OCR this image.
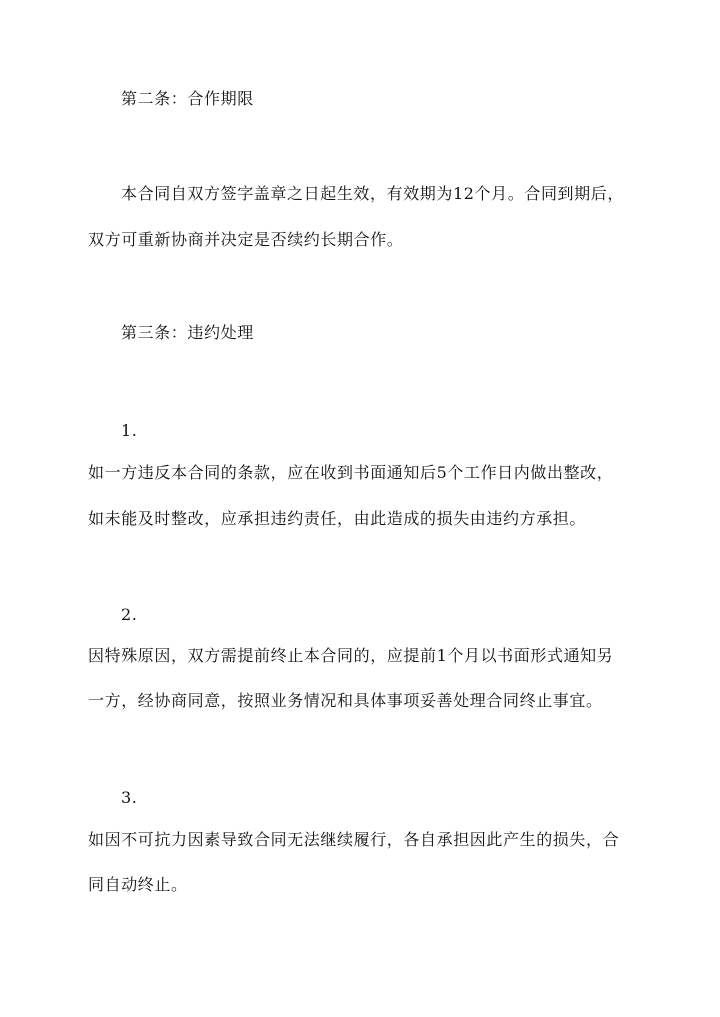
第二条：合作期限
本合同自双方签字盖章之日起生效，有效期为12个月。合同到期后，
双方可重新协商并决定是否续约长期合作。
第三条：违约处理
1.
如一方违反本合同的条款，应在收到书面通知后5个工作日内做出整改，
如未能及时整改，应承担违约责任，由此造成的损失由违约方承担。
2.
因特殊原因，双方需提前终止本合同的，应提前1个月以书面形式通知另
一方，经协商同意，按照业务情况和具体事项妥善处理合同终止事宜。
3.
如因不可抗力因素导致合同无法继续履行，各自承担因此产生的损失，合
同自动终止。
